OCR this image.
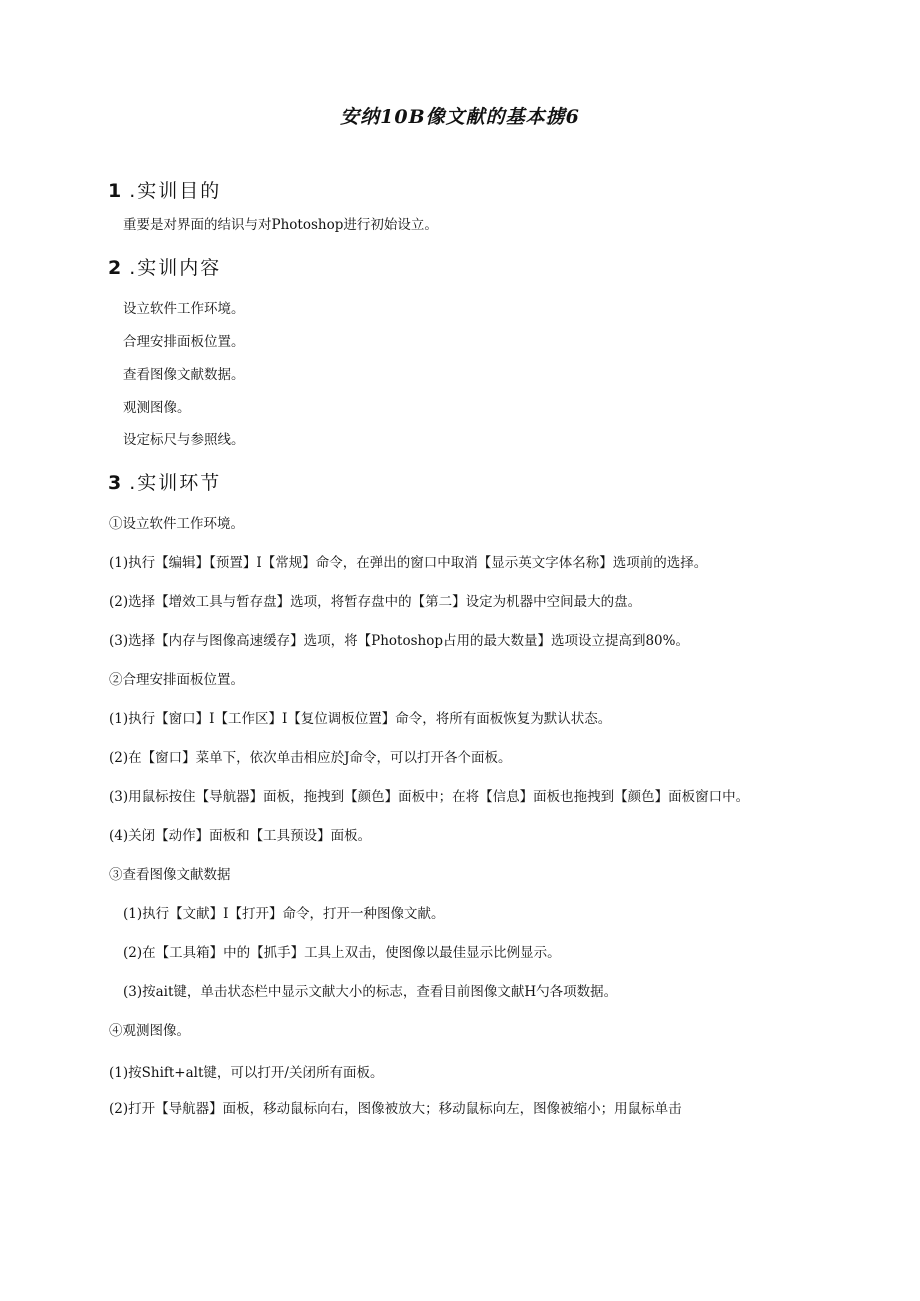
安纳10B像文献的基本掳6
1 .实训目的
重要是对界面的结识与对Photoshop进行初始设立。
2 .实训内容
设立软件工作环境。
合理安排面板位置。
查看图像文献数据。
观测图像。
设定标尺与参照线。
3 .实训环节
①设立软件工作环境。
(1)执行【编辑】【预置】I【常规】命令，在弹出的窗口中取消【显示英文字体名称】选项前的选择。
(2)选择【增效工具与暂存盘】选项，将暂存盘中的【第二】设定为机器中空间最大的盘。
(3)选择【内存与图像高速缓存】选项，将【Photoshop占用的最大数量】选项设立提高到80%。
②合理安排面板位置。
(1)执行【窗口】I【工作区】I【复位调板位置】命令，将所有面板恢复为默认状态。
(2)在【窗口】菜单下，依次单击相应於J命令，可以打开各个面板。
(3)用鼠标按住【导航器】面板，拖拽到【颜色】面板中；在将【信息】面板也拖拽到【颜色】面板窗口中。
(4)关闭【动作】面板和【工具预设】面板。
③查看图像文献数据
(1)执行【文献】I【打开】命令，打开一种图像文献。
(2)在【工具箱】中的【抓手】工具上双击，使图像以最佳显示比例显示。
(3)按ait键，单击状态栏中显示文献大小的标志，查看目前图像文献H勺各项数据。
④观测图像。
(1)按Shift+alt键，可以打开/关闭所有面板。
(2)打开【导航器】面板，移动鼠标向右，图像被放大；移动鼠标向左，图像被缩小；用鼠标单击
